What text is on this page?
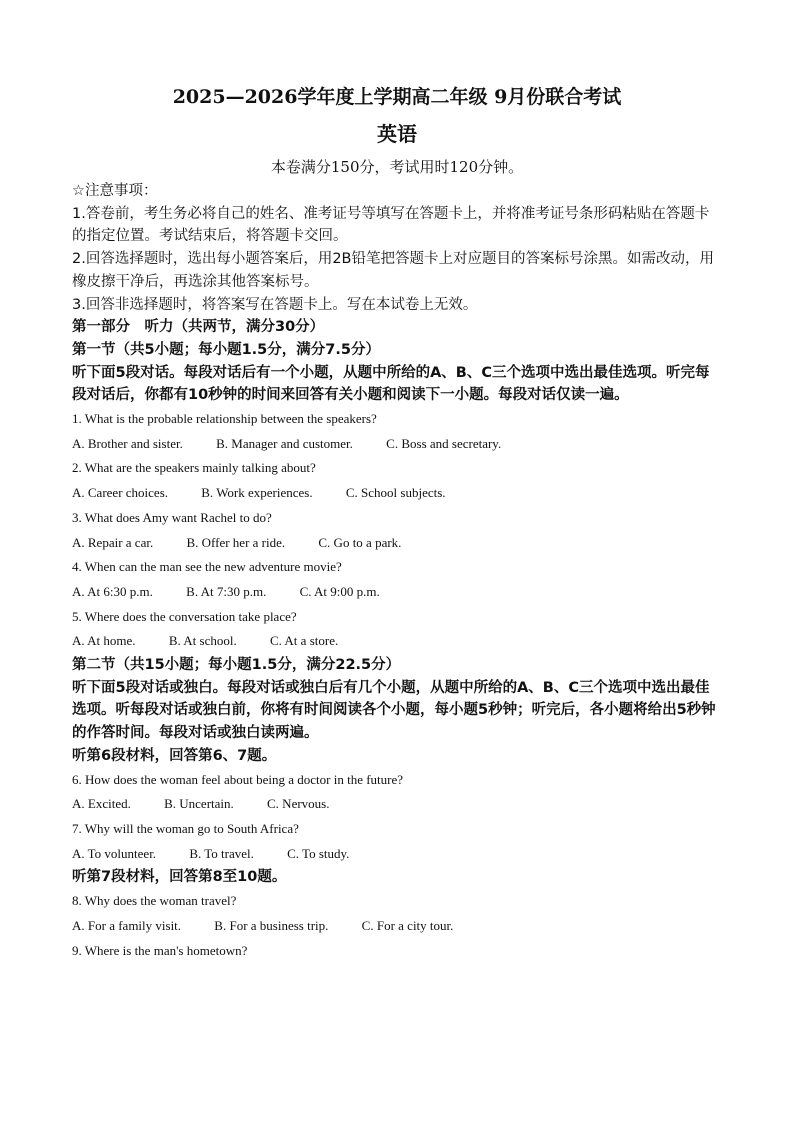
2025—2026学年度上学期高二年级 9月份联合考试
英语
本卷满分150分，考试用时120分钟。

☆注意事项：

1.答卷前，考生务必将自己的姓名、准考证号等填写在答题卡上，并将准考证号条形码粘贴在答题卡的指定位置。考试结束后，将答题卡交回。

2.回答选择题时，选出每小题答案后，用2B铅笔把答题卡上对应题目的答案标号涂黑。如需改动，用橡皮擦干净后，再选涂其他答案标号。

3.回答非选择题时，将答案写在答题卡上。写在本试卷上无效。

第一部分　听力（共两节，满分30分）

第一节（共5小题；每小题1.5分，满分7.5分）

听下面5段对话。每段对话后有一个小题，从题中所给的A、B、C三个选项中选出最佳选项。听完每段对话后，你都有10秒钟的时间来回答有关小题和阅读下一小题。每段对话仅读一遍。

1. What is the probable relationship between the speakers?

A. Brother and sister.	B. Manager and customer.	C. Boss and secretary.

2. What are the speakers mainly talking about?

A. Career choices.	B. Work experiences.	C. School subjects.

3. What does Amy want Rachel to do?

A. Repair a car.	B. Offer her a ride.	C. Go to a park.

4. When can the man see the new adventure movie?

A. At 6:30 p.m.	B. At 7:30 p.m.	C. At 9:00 p.m.

5. Where does the conversation take place?

A. At home.	B. At school.	C. At a store.

第二节（共15小题；每小题1.5分，满分22.5分）

听下面5段对话或独白。每段对话或独白后有几个小题，从题中所给的A、B、C三个选项中选出最佳选项。听每段对话或独白前，你将有时间阅读各个小题，每小题5秒钟；听完后，各小题将给出5秒钟的作答时间。每段对话或独白读两遍。

听第6段材料，回答第6、7题。

6. How does the woman feel about being a doctor in the future?

A. Excited.	B. Uncertain.	C. Nervous.

7. Why will the woman go to South Africa?

A. To volunteer.	B. To travel.	C. To study.

听第7段材料，回答第8至10题。

8. Why does the woman travel?

A. For a family visit.	B. For a business trip.	C. For a city tour.

9. Where is the man's hometown?
